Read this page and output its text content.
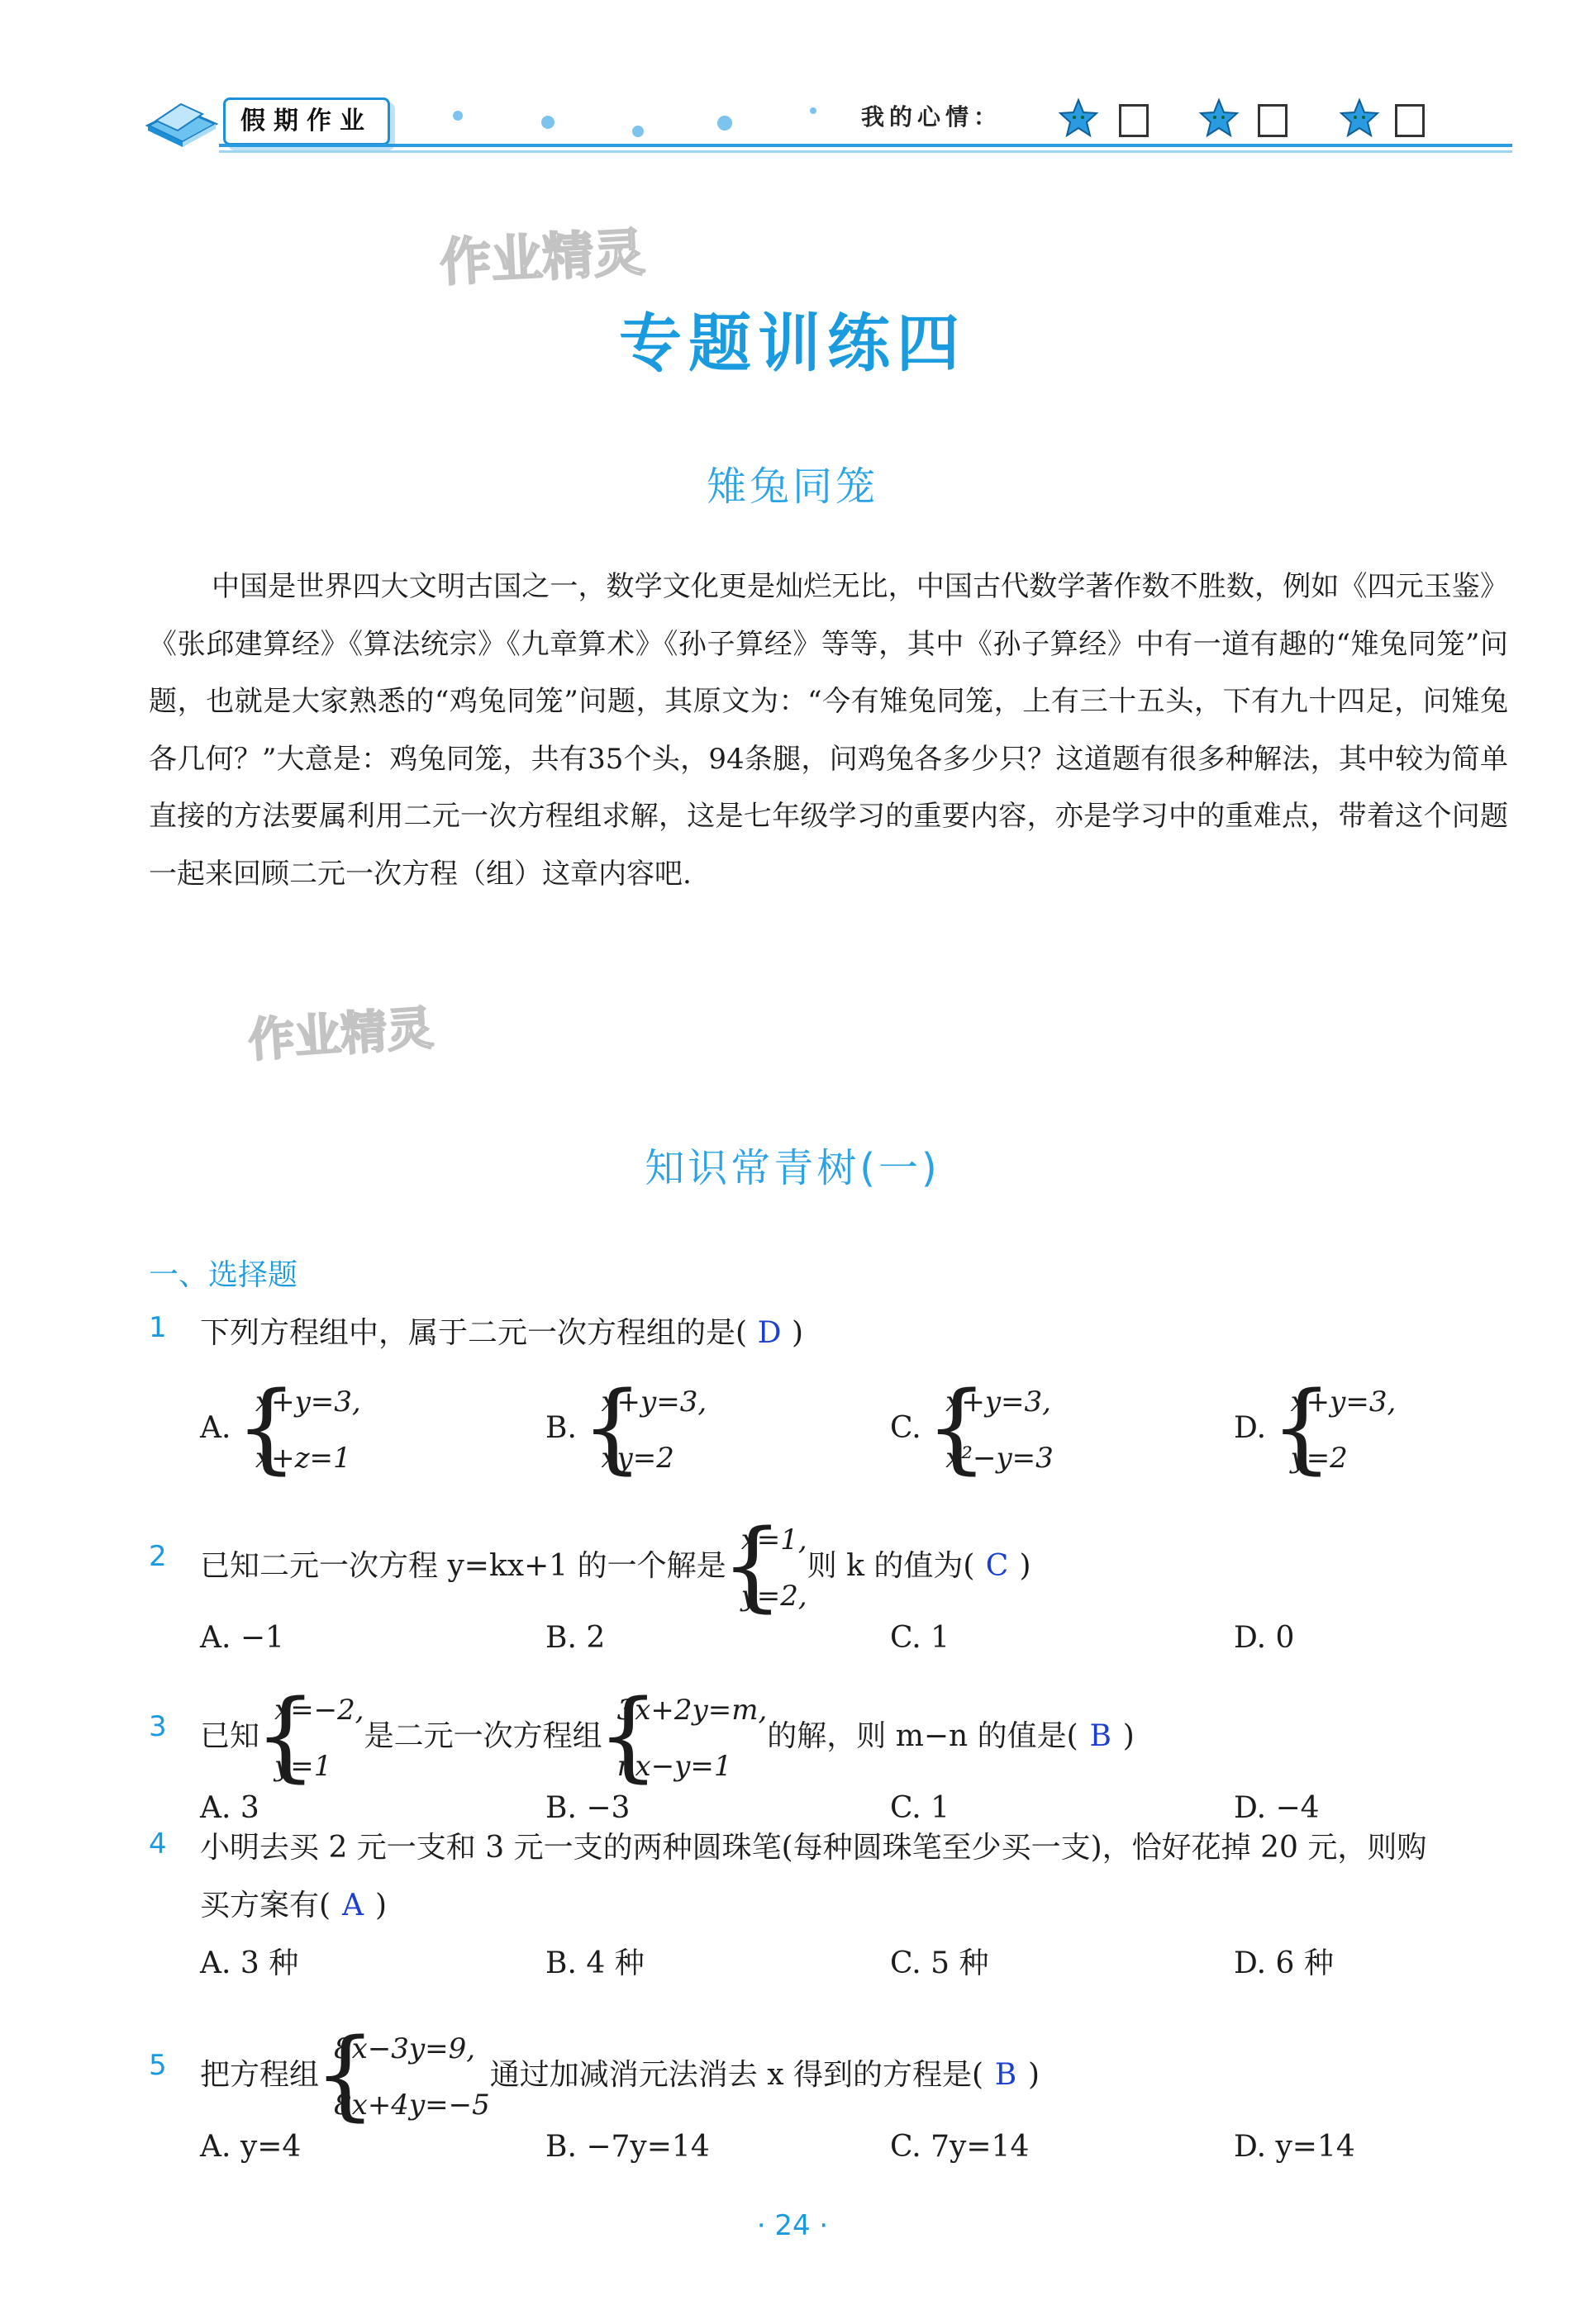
假期作业	我的心情：
作业精灵
作业精灵
专题训练四
雉兔同笼

中国是世界四大文明古国之一，数学文化更是灿烂无比，中国古代数学著作数不胜数，例如《四元玉鉴》《张邱建算经》《算法统宗》《九章算术》《孙子算经》等等，其中《孙子算经》中有一道有趣的“雉兔同笼”问题，也就是大家熟悉的“鸡兔同笼”问题，其原文为：“今有雉兔同笼，上有三十五头，下有九十四足，问雉兔各几何？”大意是：鸡兔同笼，共有35个头，94条腿，问鸡兔各多少只？这道题有很多种解法，其中较为简单直接的方法要属利用二元一次方程组求解，这是七年级学习的重要内容，亦是学习中的重难点，带着这个问题一起来回顾二元一次方程（组）这章内容吧.

知识常青树(一)
一、选择题
1 下列方程组中，属于二元一次方程组的是( D )
A.
{ x+y=3,
x+z=1
B.
{ x+y=3,
xy=2
C.
{ x+y=3,
x²−y=3
D.
{ x+y=3,
y=2
2 已知二元一次方程 y=kx+1 的一个解是
{ x=1,
y=2,
则 k 的值为( C )
A. −1	B. 2	C. 1	D. 0
3 已知
{ x=−2,
y=1
是二元一次方程组
{ 3x+2y=m,
nx−y=1
的解，则 m−n 的值是( B )
A. 3	B. −3	C. 1	D. −4
4 小明去买 2 元一支和 3 元一支的两种圆珠笔(每种圆珠笔至少买一支)，恰好花掉 20 元，则购
买方案有( A )
A. 3 种	B. 4 种	C. 5 种	D. 6 种
5 把方程组
{ 8x−3y=9,
8x+4y=−5
通过加减消元法消去 x 得到的方程是( B )
A. y=4	B. −7y=14	C. 7y=14	D. y=14
· 24 ·
